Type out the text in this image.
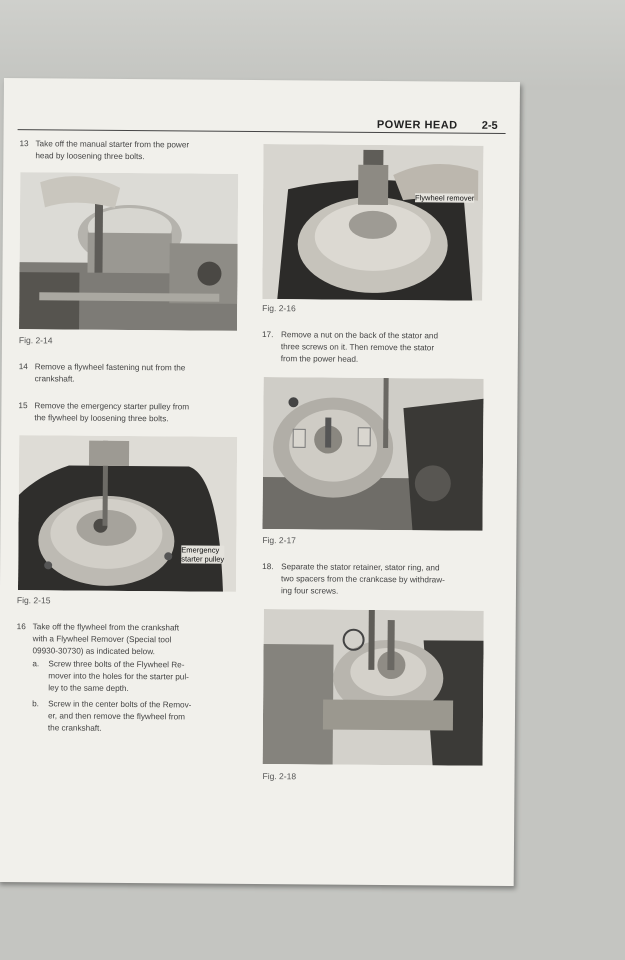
POWER HEAD 2-5
13 Take off the manual starter from the power
head by loosening three bolts.
Fig. 2-14
14 Remove a flywheel fastening nut from the
crankshaft.
15 Remove the emergency starter pulley from
the flywheel by loosening three bolts.
Emergency
starter pulley
Fig. 2-15
16 Take off the flywheel from the crankshaft
with a Flywheel Remover (Special tool
09930-30730) as indicated below.
a. Screw three bolts of the Flywheel Re-
mover into the holes for the starter pul-
ley to the same depth.
b. Screw in the center bolts of the Remov-
er, and then remove the flywheel from
the crankshaft.
Flywheel remover
Fig. 2-16
17. Remove a nut on the back of the stator and
three screws on it. Then remove the stator
from the power head.
Fig. 2-17
18. Separate the stator retainer, stator ring, and
two spacers from the crankcase by withdraw-
ing four screws.
Fig. 2-18
